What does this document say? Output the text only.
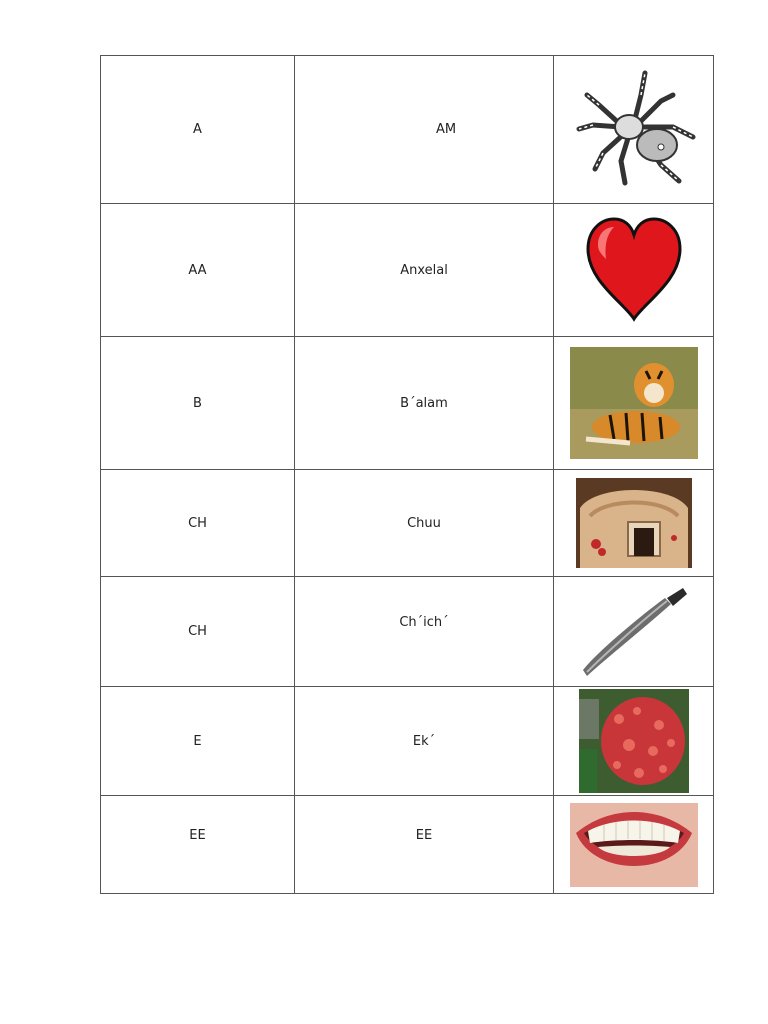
A	AM	

AA	Anxelal	

B	B´alam	

CH	Chuu	

CH	Ch´ich´	

E	Ek´	

EE	EE	
